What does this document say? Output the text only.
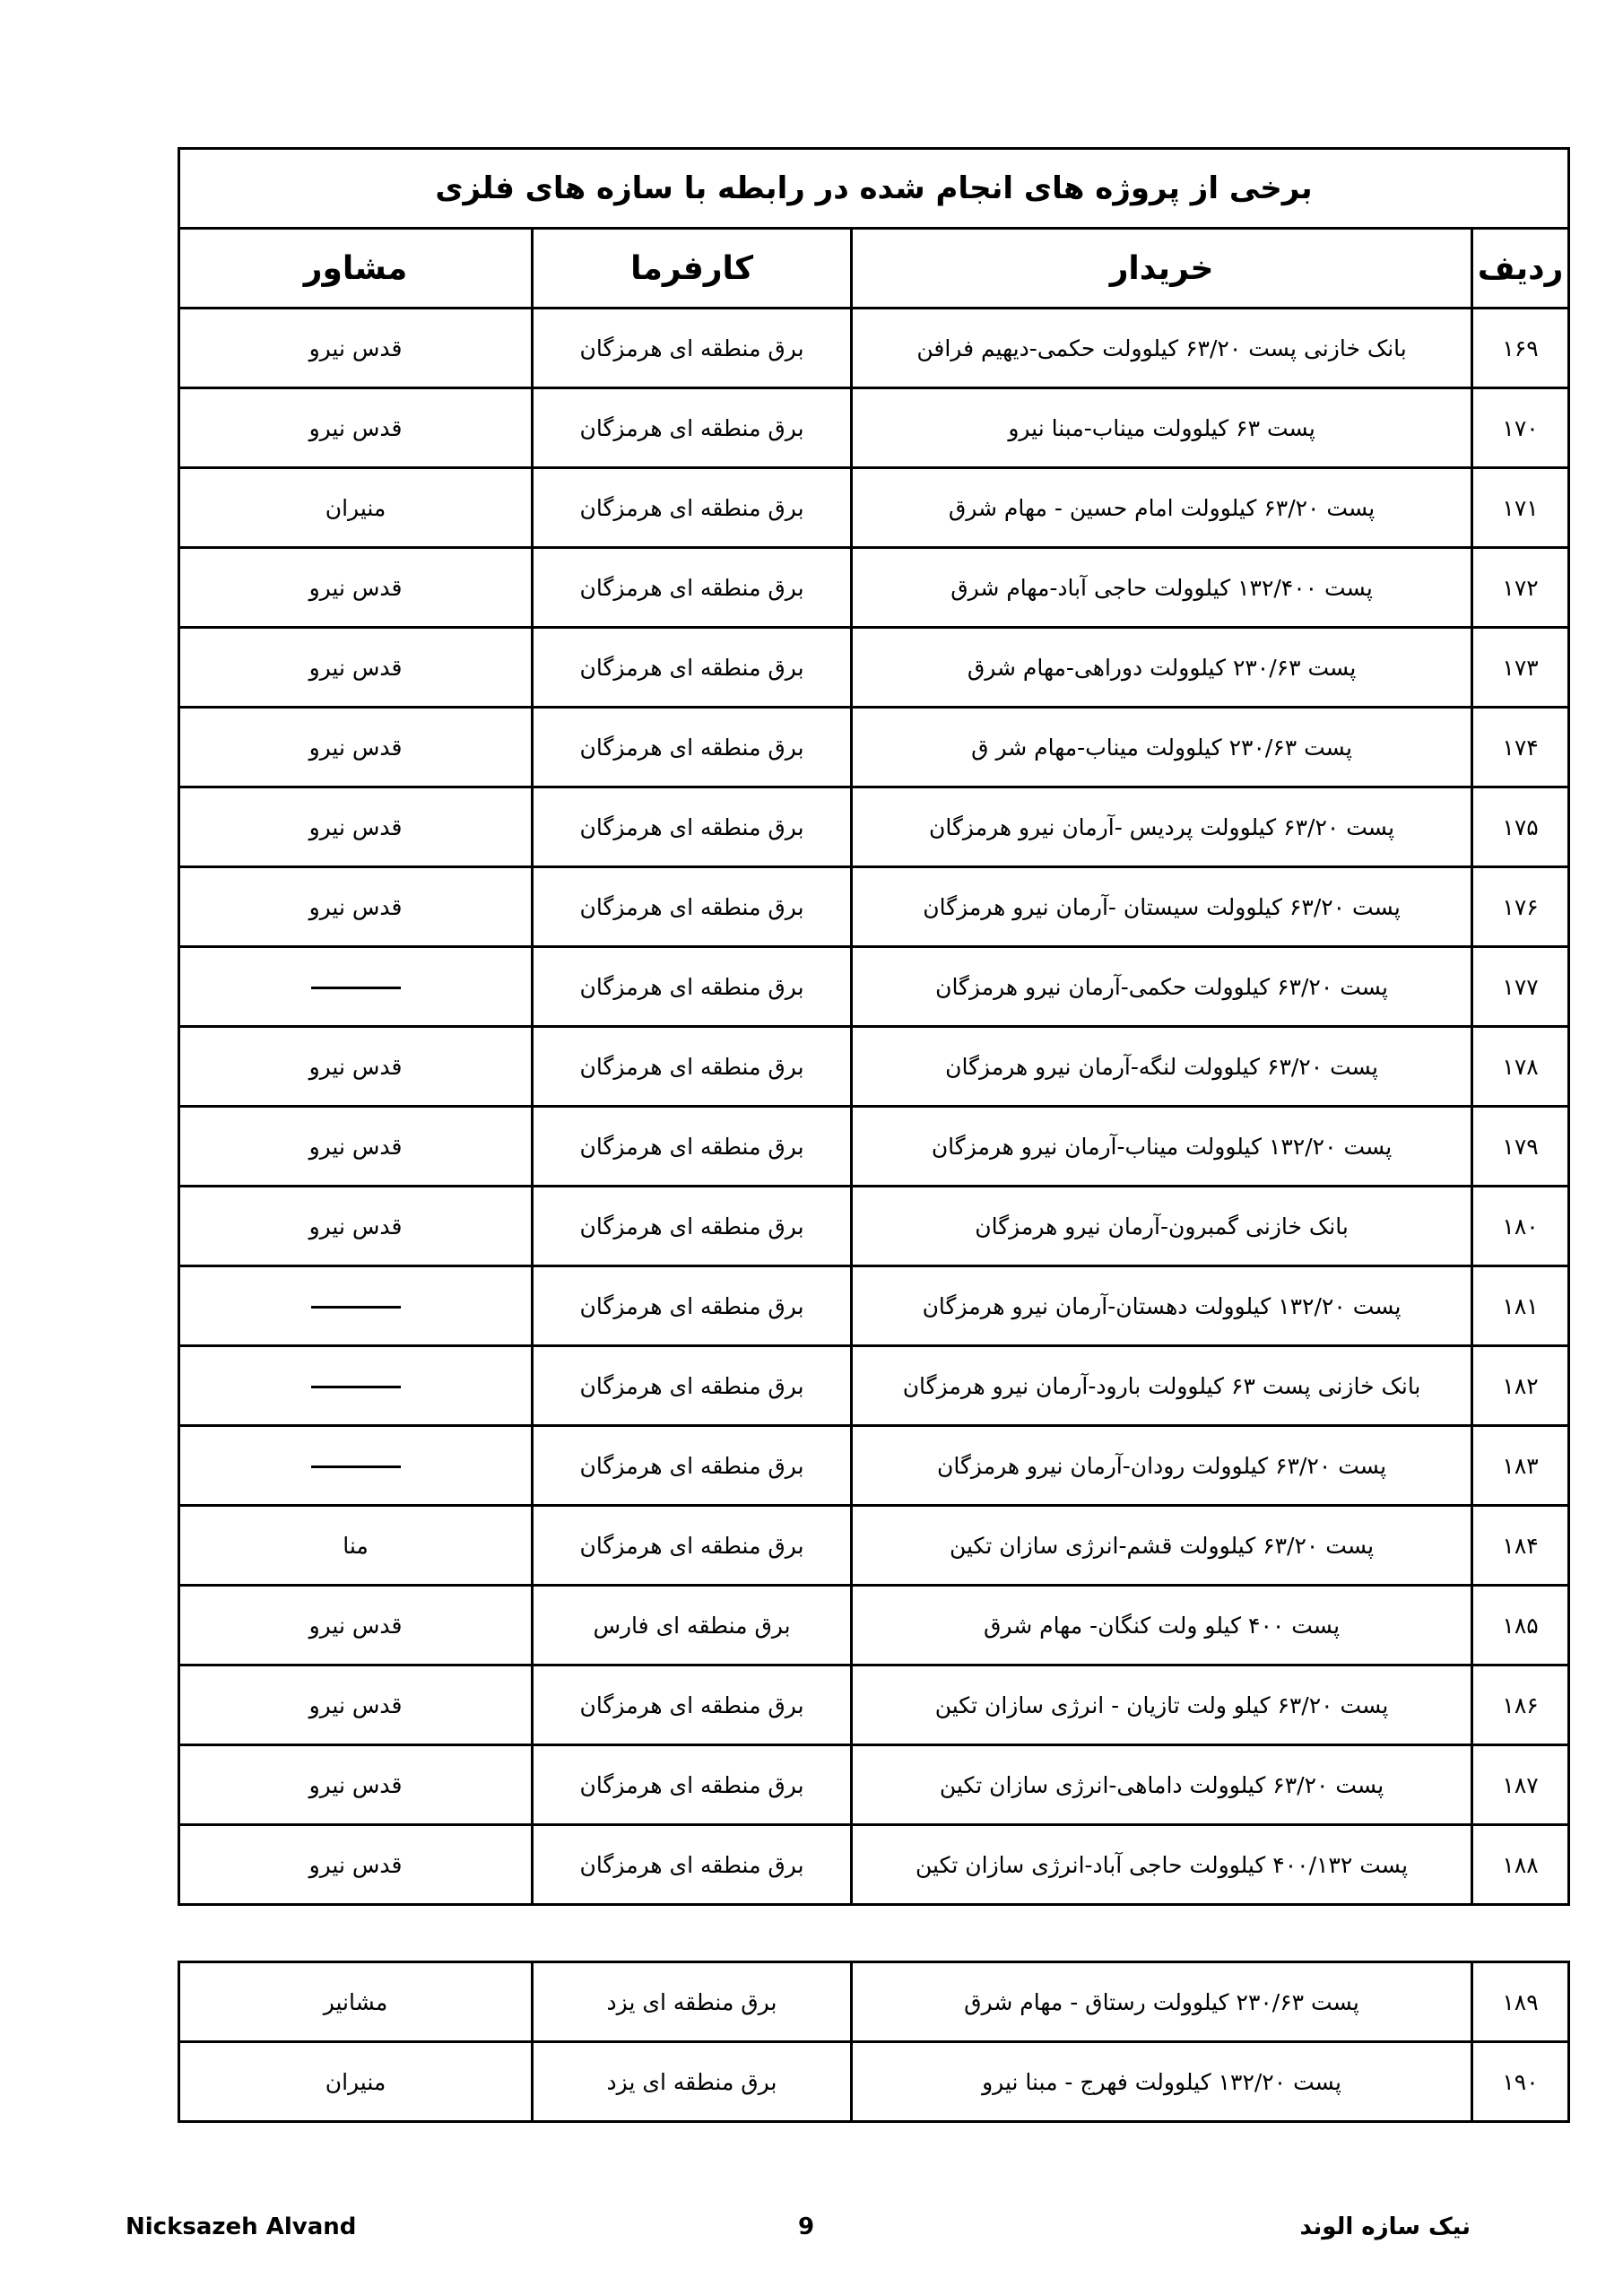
برخی از پروژه های انجام شده در رابطه با سازه های فلزی			
ردیف	خریدار	کارفرما	مشاور
۱۶۹	بانک خازنی پست ۶۳/۲۰ کیلوولت حکمی-دیهیم فرافن	برق منطقه ای هرمزگان	قدس نیرو
۱۷۰	پست ۶۳ کیلوولت میناب-مبنا نیرو	برق منطقه ای هرمزگان	قدس نیرو
۱۷۱	پست ۶۳/۲۰ کیلوولت امام حسین - مهام شرق	برق منطقه ای هرمزگان	منیران
۱۷۲	پست ۱۳۲/۴۰۰ کیلوولت حاجی آباد-مهام شرق	برق منطقه ای هرمزگان	قدس نیرو
۱۷۳	پست ۲۳۰/۶۳ کیلوولت دوراهی-مهام شرق	برق منطقه ای هرمزگان	قدس نیرو
۱۷۴	پست ۲۳۰/۶۳ کیلوولت میناب-مهام شر ق	برق منطقه ای هرمزگان	قدس نیرو
۱۷۵	پست ۶۳/۲۰ کیلوولت پردیس -آرمان نیرو هرمزگان	برق منطقه ای هرمزگان	قدس نیرو
۱۷۶	پست ۶۳/۲۰ کیلوولت سیستان -آرمان نیرو هرمزگان	برق منطقه ای هرمزگان	قدس نیرو
۱۷۷	پست ۶۳/۲۰ کیلوولت حکمی-آرمان نیرو هرمزگان	برق منطقه ای هرمزگان	
۱۷۸	پست ۶۳/۲۰ کیلوولت لنگه-آرمان نیرو هرمزگان	برق منطقه ای هرمزگان	قدس نیرو
۱۷۹	پست ۱۳۲/۲۰ کیلوولت میناب-آرمان نیرو هرمزگان	برق منطقه ای هرمزگان	قدس نیرو
۱۸۰	بانک خازنی گمبرون-آرمان نیرو هرمزگان	برق منطقه ای هرمزگان	قدس نیرو
۱۸۱	پست ۱۳۲/۲۰ کیلوولت دهستان-آرمان نیرو هرمزگان	برق منطقه ای هرمزگان	
۱۸۲	بانک خازنی پست ۶۳ کیلوولت بارود-آرمان نیرو هرمزگان	برق منطقه ای هرمزگان	
۱۸۳	پست ۶۳/۲۰ کیلوولت رودان-آرمان نیرو هرمزگان	برق منطقه ای هرمزگان	
۱۸۴	پست ۶۳/۲۰ کیلوولت قشم-انرژی سازان تکین	برق منطقه ای هرمزگان	منا
۱۸۵	پست ۴۰۰ کیلو ولت کنگان- مهام شرق	برق منطقه ای فارس	قدس نیرو
۱۸۶	پست ۶۳/۲۰ کیلو ولت تازیان - انرژی سازان تکین	برق منطقه ای هرمزگان	قدس نیرو
۱۸۷	پست ۶۳/۲۰ کیلوولت داماهی-انرژی سازان تکین	برق منطقه ای هرمزگان	قدس نیرو
۱۸۸	پست ۴۰۰/۱۳۲ کیلوولت حاجی آباد-انرژی سازان تکین	برق منطقه ای هرمزگان	قدس نیرو
۱۸۹	پست ۲۳۰/۶۳ کیلوولت رستاق - مهام شرق	برق منطقه ای یزد	مشانیر
۱۹۰	پست ۱۳۲/۲۰ کیلوولت فهرج - مبنا نیرو	برق منطقه ای یزد	منیران
Nicksazeh Alvand	9	نیک سازه الوند
